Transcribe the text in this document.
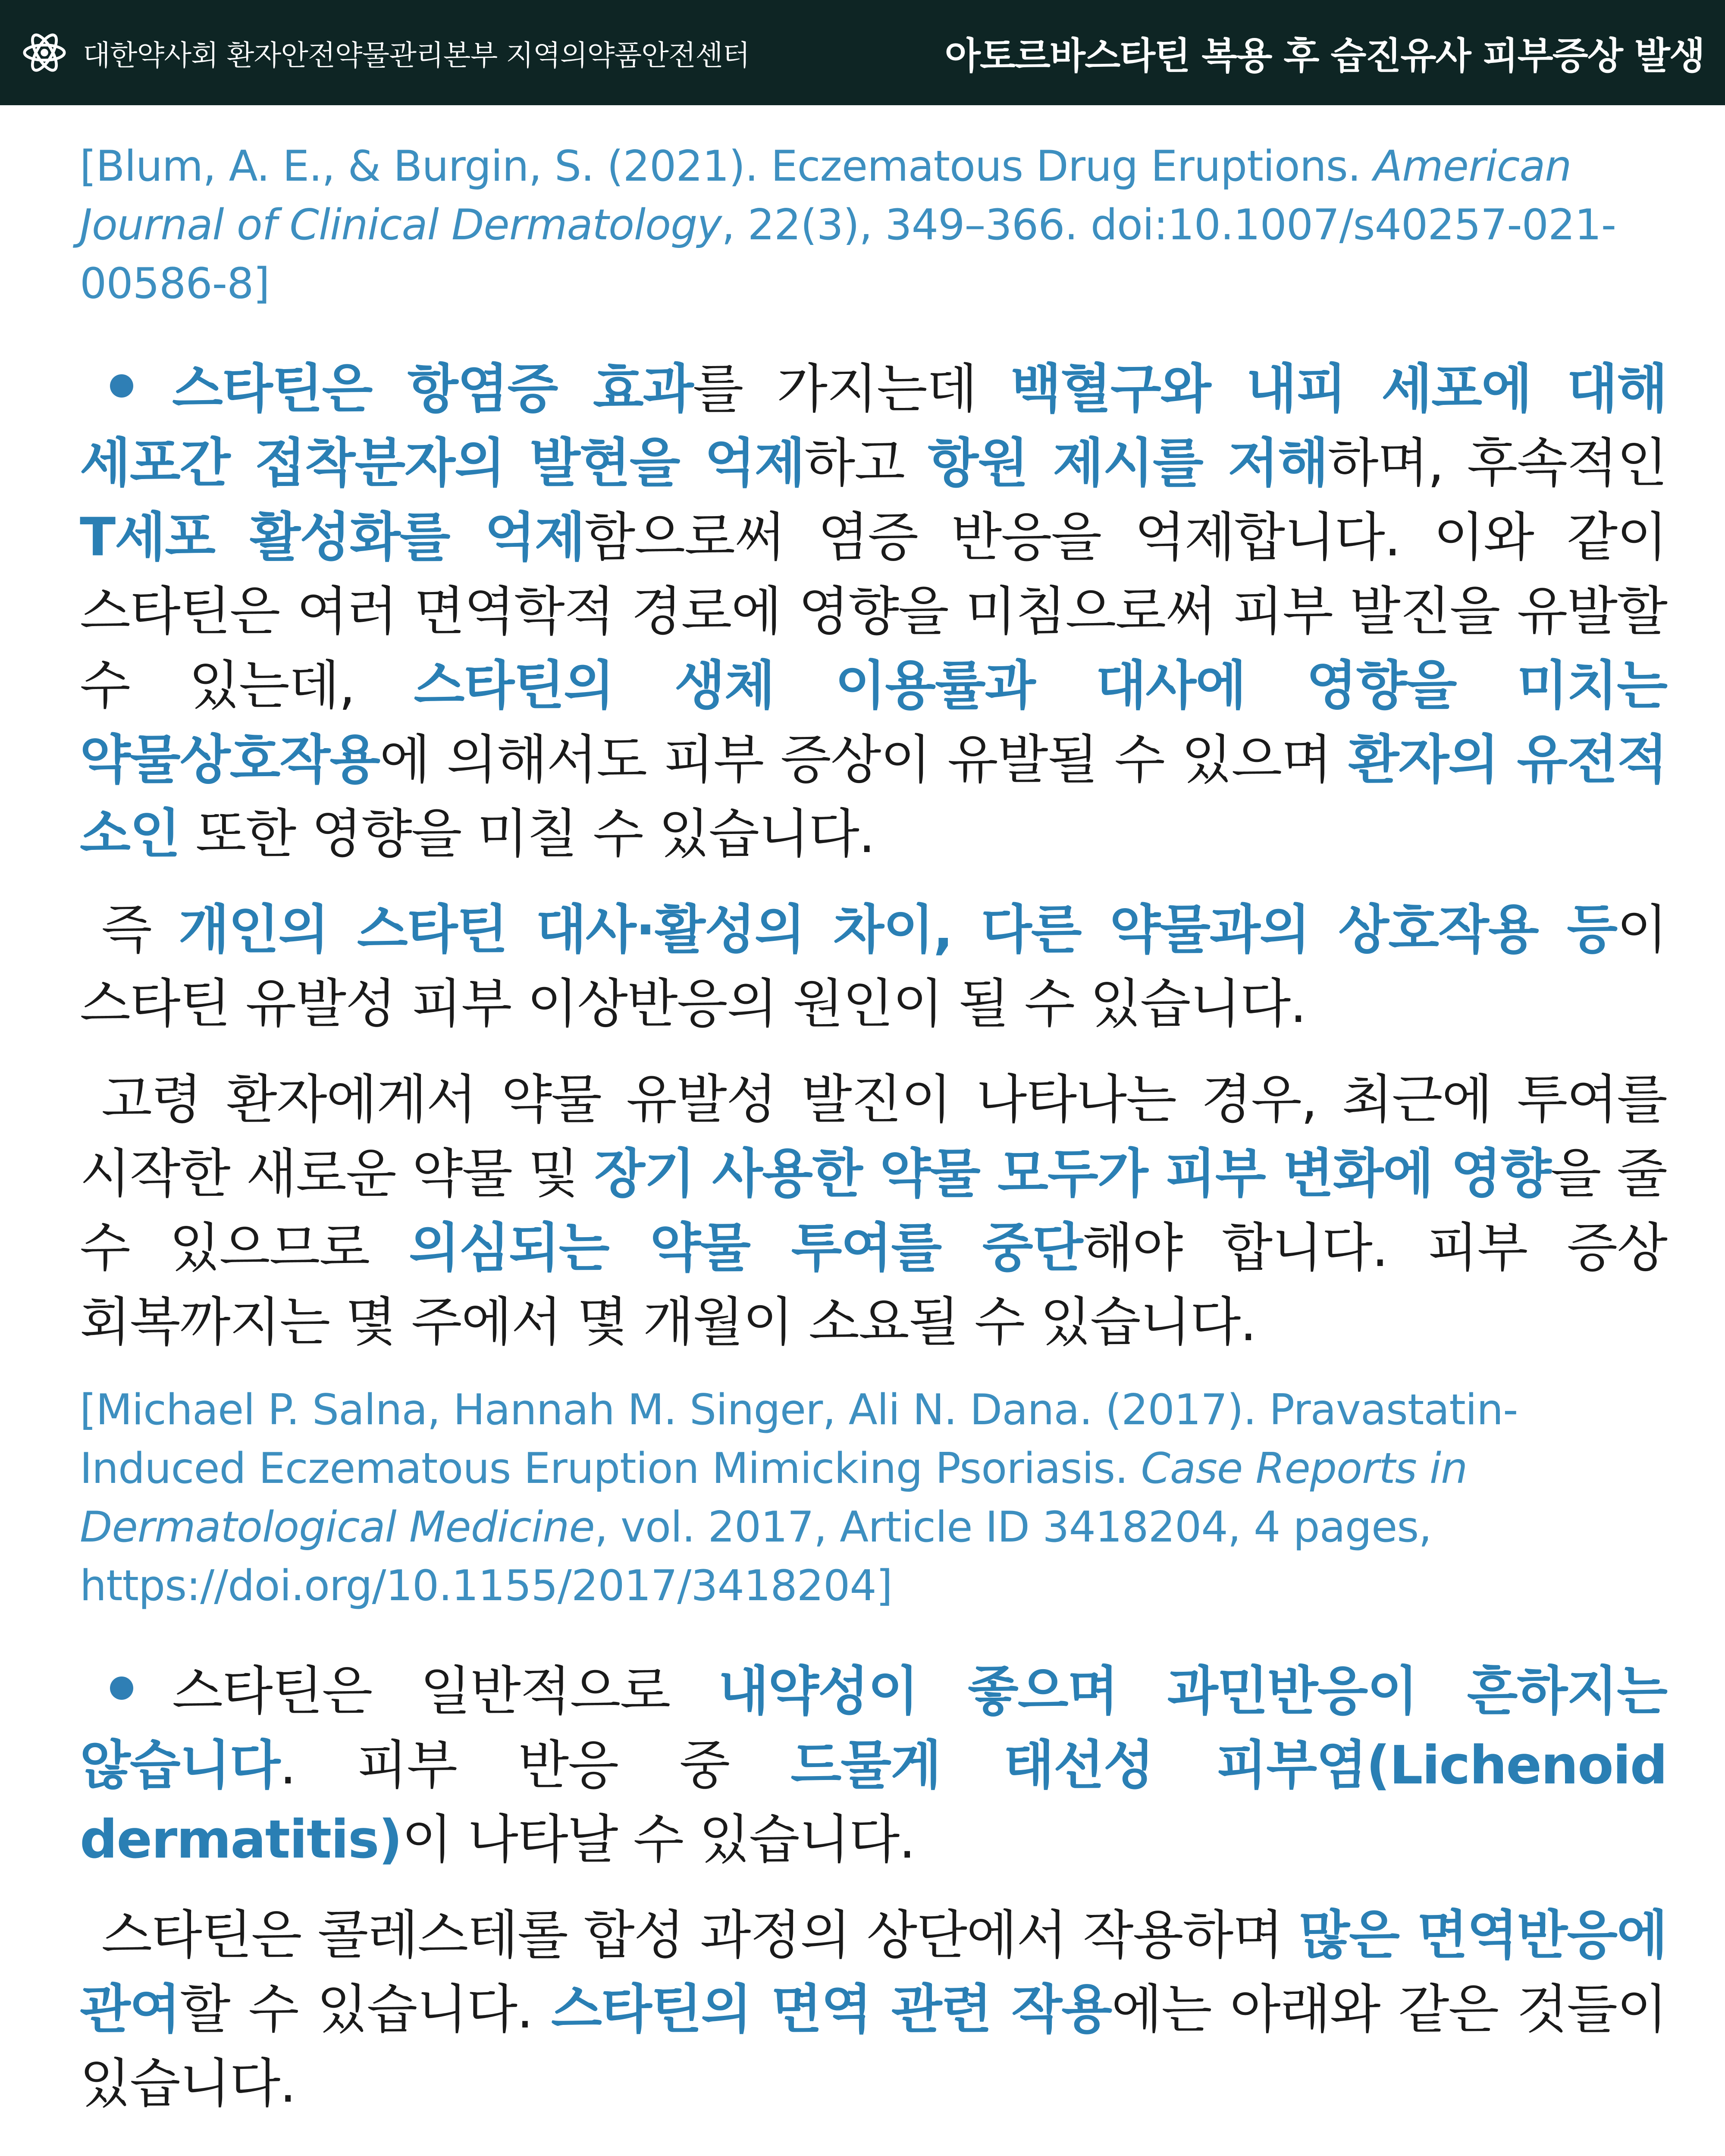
대한약사회 환자안전약물관리본부 지역의약품안전센터	아토르바스타틴 복용 후 습진유사 피부증상 발생
[Blum, A. E., & Burgin, S. (2021). Eczematous Drug Eruptions. American Journal of Clinical Dermatology, 22(3), 349–366. doi:10.1007/s40257-021-00586-8]
스타틴은 항염증 효과를 가지는데 백혈구와 내피 세포에 대해 세포간 접착분자의 발현을 억제하고 항원 제시를 저해하며, 후속적인 T세포 활성화를 억제함으로써 염증 반응을 억제합니다. 이와 같이 스타틴은 여러 면역학적 경로에 영향을 미침으로써 피부 발진을 유발할 수 있는데, 스타틴의 생체 이용률과 대사에 영향을 미치는 약물상호작용에 의해서도 피부 증상이 유발될 수 있으며 환자의 유전적 소인 또한 영향을 미칠 수 있습니다.
즉 개인의 스타틴 대사·활성의 차이, 다른 약물과의 상호작용 등이 스타틴 유발성 피부 이상반응의 원인이 될 수 있습니다.
고령 환자에게서 약물 유발성 발진이 나타나는 경우, 최근에 투여를 시작한 새로운 약물 및 장기 사용한 약물 모두가 피부 변화에 영향을 줄 수 있으므로 의심되는 약물 투여를 중단해야 합니다. 피부 증상 회복까지는 몇 주에서 몇 개월이 소요될 수 있습니다.
[Michael P. Salna, Hannah M. Singer, Ali N. Dana. (2017). Pravastatin-Induced Eczematous Eruption Mimicking Psoriasis. Case Reports in Dermatological Medicine, vol. 2017, Article ID 3418204, 4 pages, https://doi.org/10.1155/2017/3418204]
스타틴은 일반적으로 내약성이 좋으며 과민반응이 흔하지는 않습니다. 피부 반응 중 드물게 태선성 피부염(Lichenoid dermatitis)이 나타날 수 있습니다.
스타틴은 콜레스테롤 합성 과정의 상단에서 작용하며 많은 면역반응에 관여할 수 있습니다. 스타틴의 면역 관련 작용에는 아래와 같은 것들이 있습니다.
